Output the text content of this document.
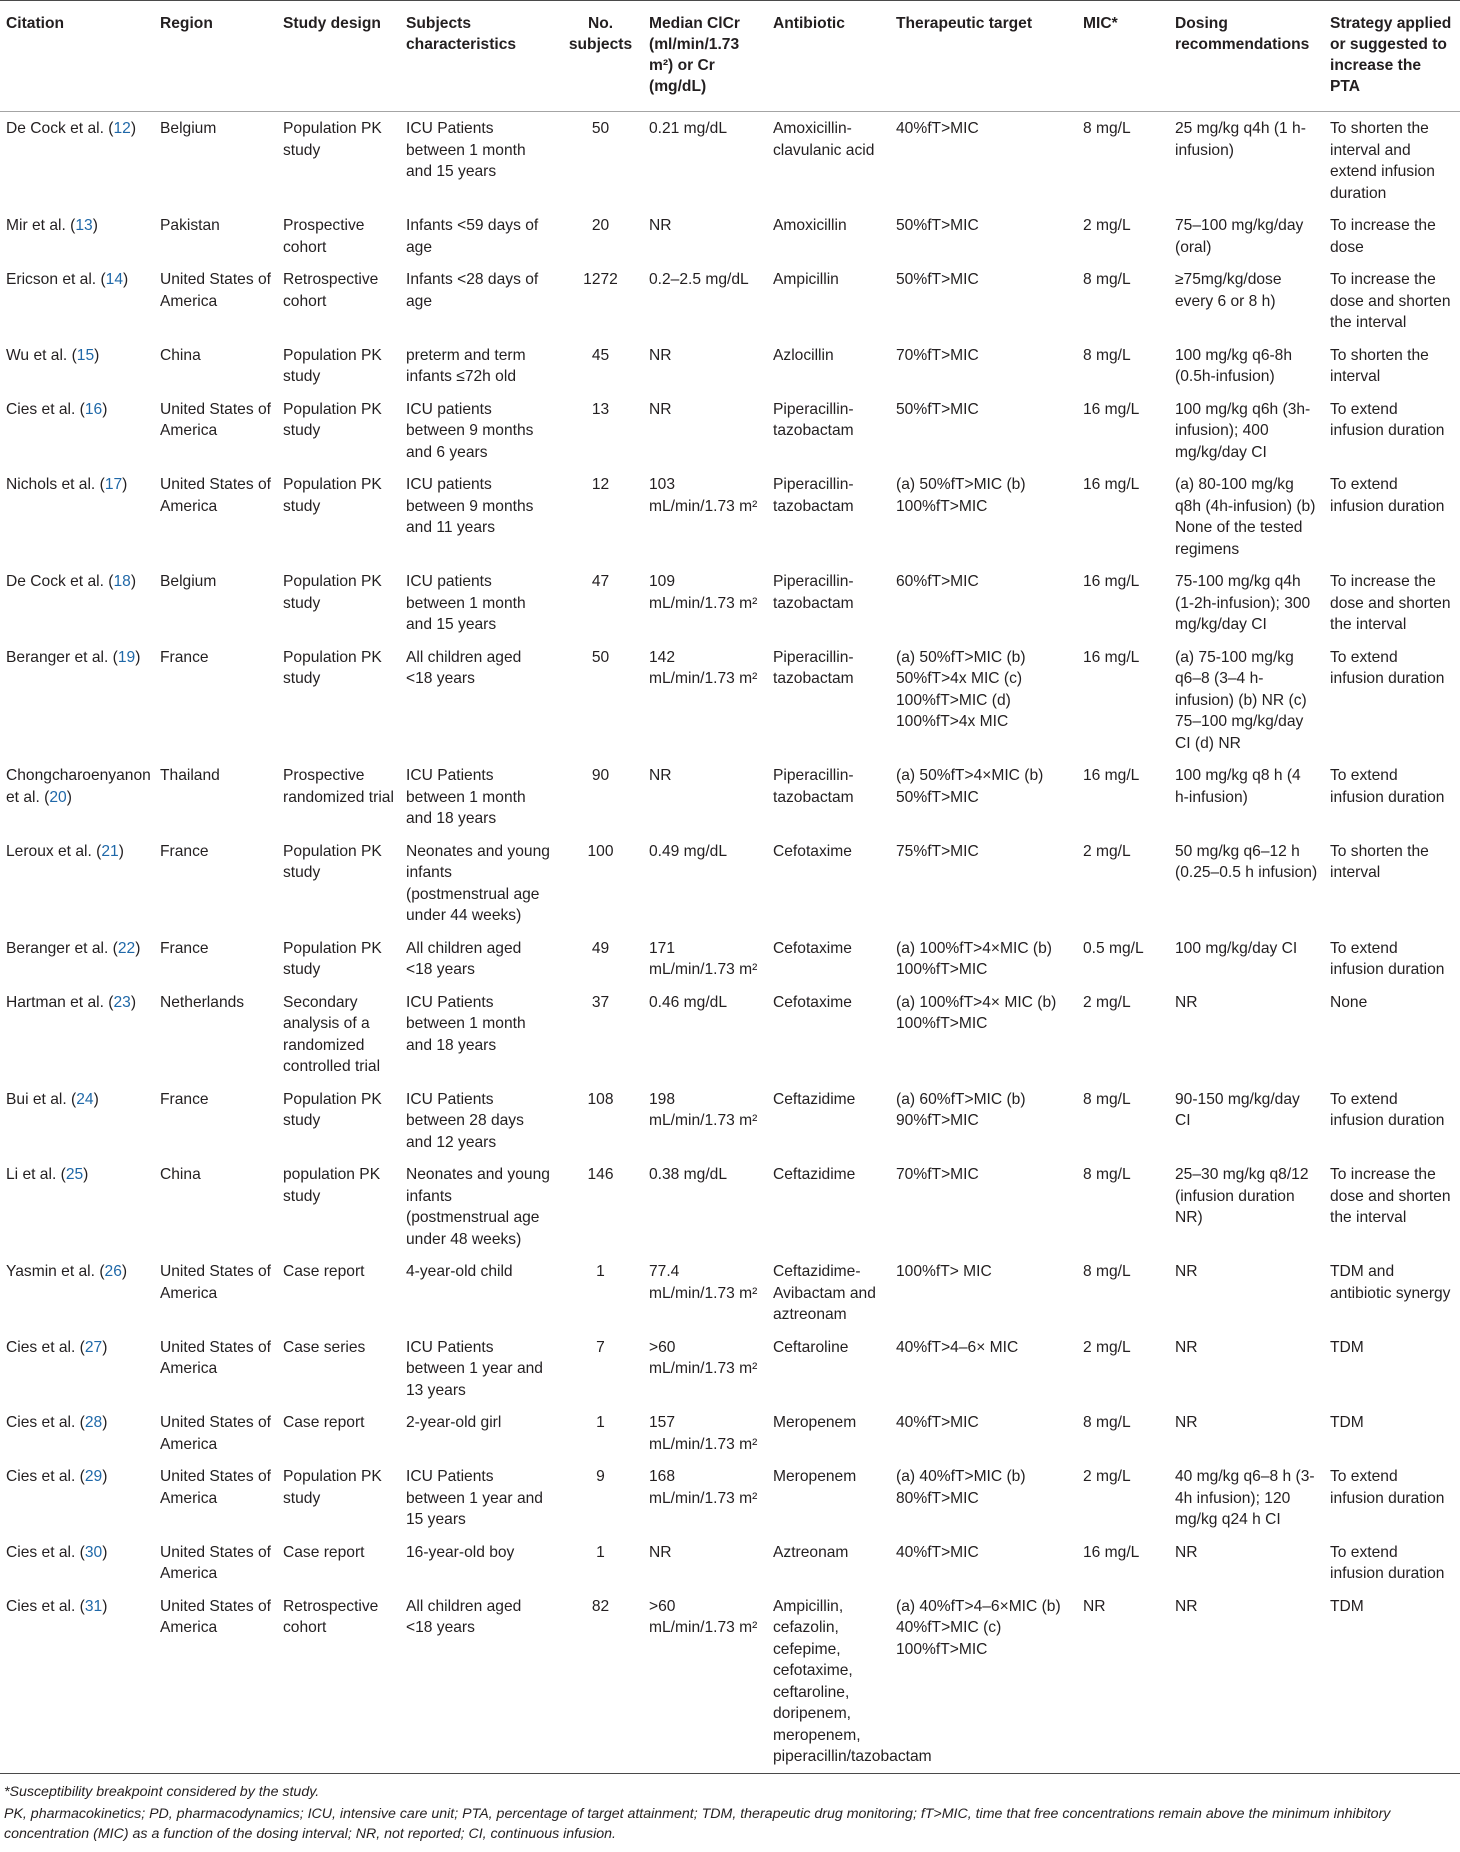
Citation	Region	Study design	Subjects characteristics	No. subjects	Median ClCr (ml/min/1.73 m²) or Cr (mg/dL)	Antibiotic	Therapeutic target	MIC*	Dosing recommendations	Strategy applied or suggested to increase the PTA
De Cock et al. (12)	Belgium	Population PK study	ICU Patients between 1 month and 15 years	50	0.21 mg/dL	Amoxicillin-clavulanic acid	40%fT>MIC	8 mg/L	25 mg/kg q4h (1 h-infusion)	To shorten the interval and extend infusion duration
Mir et al. (13)	Pakistan	Prospective cohort	Infants <59 days of age	20	NR	Amoxicillin	50%fT>MIC	2 mg/L	75–100 mg/kg/day (oral)	To increase the dose
Ericson et al. (14)	United States of America	Retrospective cohort	Infants <28 days of age	1272	0.2–2.5 mg/dL	Ampicillin	50%fT>MIC	8 mg/L	≥75mg/kg/dose every 6 or 8 h)	To increase the dose and shorten the interval
Wu et al. (15)	China	Population PK study	preterm and term infants ≤72h old	45	NR	Azlocillin	70%fT>MIC	8 mg/L	100 mg/kg q6-8h (0.5h-infusion)	To shorten the interval
Cies et al. (16)	United States of America	Population PK study	ICU patients between 9 months and 6 years	13	NR	Piperacillin-tazobactam	50%fT>MIC	16 mg/L	100 mg/kg q6h (3h- infusion); 400 mg/kg/day CI	To extend infusion duration
Nichols et al. (17)	United States of America	Population PK study	ICU patients between 9 months and 11 years	12	103 mL/min/1.73 m²	Piperacillin-tazobactam	(a) 50%fT>MIC (b) 100%fT>MIC	16 mg/L	(a) 80-100 mg/kg q8h (4h-infusion) (b) None of the tested regimens	To extend infusion duration
De Cock et al. (18)	Belgium	Population PK study	ICU patients between 1 month and 15 years	47	109 mL/min/1.73 m²	Piperacillin-tazobactam	60%fT>MIC	16 mg/L	75-100 mg/kg q4h (1-2h-infusion); 300 mg/kg/day CI	To increase the dose and shorten the interval
Beranger et al. (19)	France	Population PK study	All children aged <18 years	50	142 mL/min/1.73 m²	Piperacillin-tazobactam	(a) 50%fT>MIC (b) 50%fT>4x MIC (c) 100%fT>MIC (d) 100%fT>4x MIC	16 mg/L	(a) 75-100 mg/kg q6–8 (3–4 h-infusion) (b) NR (c) 75–100 mg/kg/day CI (d) NR	To extend infusion duration
Chongcharoenyanon et al. (20)	Thailand	Prospective randomized trial	ICU Patients between 1 month and 18 years	90	NR	Piperacillin-tazobactam	(a) 50%fT>4×MIC (b) 50%fT>MIC	16 mg/L	100 mg/kg q8 h (4 h-infusion)	To extend infusion duration
Leroux et al. (21)	France	Population PK study	Neonates and young infants (postmenstrual age under 44 weeks)	100	0.49 mg/dL	Cefotaxime	75%fT>MIC	2 mg/L	50 mg/kg q6–12 h (0.25–0.5 h infusion)	To shorten the interval
Beranger et al. (22)	France	Population PK study	All children aged <18 years	49	171 mL/min/1.73 m²	Cefotaxime	(a) 100%fT>4×MIC (b) 100%fT>MIC	0.5 mg/L	100 mg/kg/day CI	To extend infusion duration
Hartman et al. (23)	Netherlands	Secondary analysis of a randomized controlled trial	ICU Patients between 1 month and 18 years	37	0.46 mg/dL	Cefotaxime	(a) 100%fT>4× MIC (b) 100%fT>MIC	2 mg/L	NR	None
Bui et al. (24)	France	Population PK study	ICU Patients between 28 days and 12 years	108	198 mL/min/1.73 m²	Ceftazidime	(a) 60%fT>MIC (b) 90%fT>MIC	8 mg/L	90-150 mg/kg/day CI	To extend infusion duration
Li et al. (25)	China	population PK study	Neonates and young infants (postmenstrual age under 48 weeks)	146	0.38 mg/dL	Ceftazidime	70%fT>MIC	8 mg/L	25–30 mg/kg q8/12 (infusion duration NR)	To increase the dose and shorten the interval
Yasmin et al. (26)	United States of America	Case report	4-year-old child	1	77.4 mL/min/1.73 m²	Ceftazidime-Avibactam and aztreonam	100%fT> MIC	8 mg/L	NR	TDM and antibiotic synergy
Cies et al. (27)	United States of America	Case series	ICU Patients between 1 year and 13 years	7	>60 mL/min/1.73 m²	Ceftaroline	40%fT>4–6× MIC	2 mg/L	NR	TDM
Cies et al. (28)	United States of America	Case report	2-year-old girl	1	157 mL/min/1.73 m²	Meropenem	40%fT>MIC	8 mg/L	NR	TDM
Cies et al. (29)	United States of America	Population PK study	ICU Patients between 1 year and 15 years	9	168 mL/min/1.73 m²	Meropenem	(a) 40%fT>MIC (b) 80%fT>MIC	2 mg/L	40 mg/kg q6–8 h (3-4h infusion); 120 mg/kg q24 h CI	To extend infusion duration
Cies et al. (30)	United States of America	Case report	16-year-old boy	1	NR	Aztreonam	40%fT>MIC	16 mg/L	NR	To extend infusion duration
Cies et al. (31)	United States of America	Retrospective cohort	All children aged <18 years	82	>60 mL/min/1.73 m²	Ampicillin, cefazolin, cefepime, cefotaxime, ceftaroline, doripenem, meropenem, piperacillin/tazobactam	(a) 40%fT>4–6×MIC (b) 40%fT>MIC (c) 100%fT>MIC	NR	NR	TDM

*Susceptibility breakpoint considered by the study.

PK, pharmacokinetics; PD, pharmacodynamics; ICU, intensive care unit; PTA, percentage of target attainment; TDM, therapeutic drug monitoring; fT>MIC, time that free concentrations remain above the minimum inhibitory concentration (MIC) as a function of the dosing interval; NR, not reported; CI, continuous infusion.
